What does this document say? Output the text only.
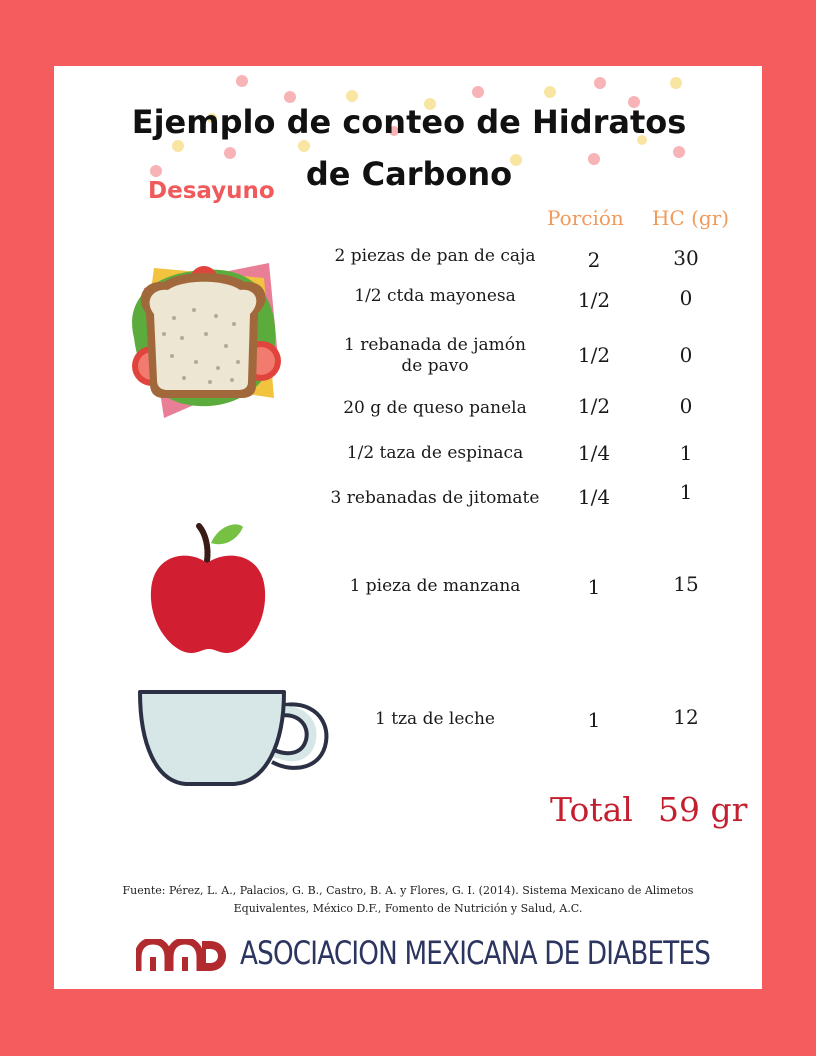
Ejemplo de conteo de Hidratos de Carbono
Desayuno
Porción HC (gr)
2 piezas de pan de caja	2	30
1/2 ctda mayonesa	1/2	0
1 rebanada de jamón de pavo	1/2	0
20 g de queso panela	1/2	0
1/2 taza de espinaca	1/4	1
3 rebanadas de jitomate	1/4	1
1 pieza de manzana	1	15
1 tza de leche	1	12
Total 59 gr
Fuente: Pérez, L. A., Palacios, G. B., Castro, B. A. y Flores, G. I. (2014). Sistema Mexicano de Alimetos Equivalentes, México D.F., Fomento de Nutrición y Salud, A.C.
ASOCIACION MEXICANA DE DIABETES
